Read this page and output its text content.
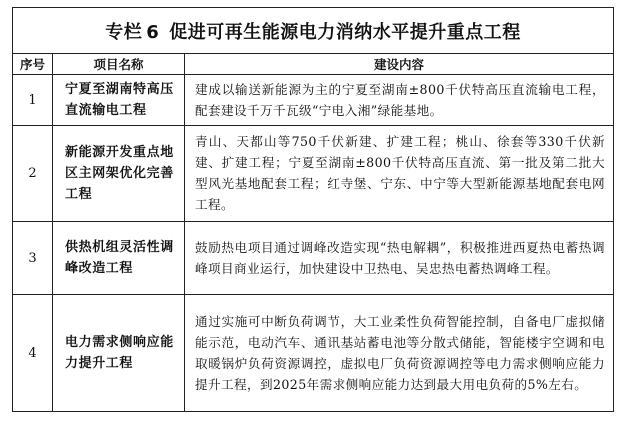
专栏 6 促进可再生能源电力消纳水平提升重点工程		
序号	项目名称	建设内容
1	宁夏至湖南特高压直流输电工程	建成以输送新能源为主的宁夏至湖南±800千伏特高压直流输电工程，配套建设千万千瓦级“宁电入湘”绿能基地。
2	新能源开发重点地区主网架优化完善工程	青山、天都山等750千伏新建、扩建工程；桃山、徐套等330千伏新建、扩建工程；宁夏至湖南±800千伏特高压直流、第一批及第二批大型风光基地配套工程；红寺堡、宁东、中宁等大型新能源基地配套电网工程。
3	供热机组灵活性调峰改造工程	鼓励热电项目通过调峰改造实现“热电解耦”，积极推进西夏热电蓄热调峰项目商业运行，加快建设中卫热电、吴忠热电蓄热调峰工程。
4	电力需求侧响应能力提升工程	通过实施可中断负荷调节，大工业柔性负荷智能控制，自备电厂虚拟储能示范，电动汽车、通讯基站蓄电池等分散式储能，智能楼宇空调和电取暖锅炉负荷资源调控，虚拟电厂负荷资源调控等电力需求侧响应能力提升工程，到2025年需求侧响应能力达到最大用电负荷的5%左右。
